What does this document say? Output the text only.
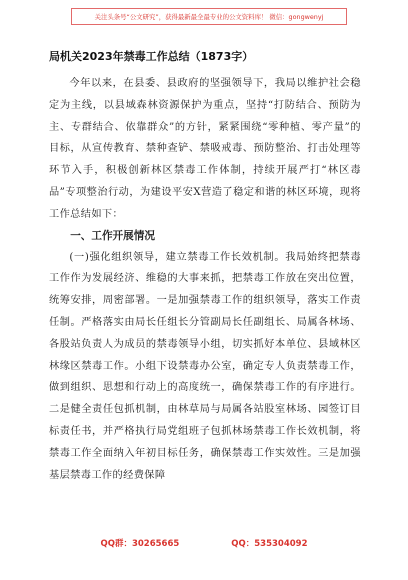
关注头条号“公文研究”，获得最新最全最专业的公文资料库！ 微信：gongwenyj

局机关2023年禁毒工作总结（1873字）

今年以来，在县委、县政府的坚强领导下，我局以维护社会稳定为主线，以县域森林资源保护为重点，坚持“打防结合、预防为主、专群结合、依靠群众”的方针，紧紧围绕“零种植、零产量”的目标，从宣传教育、禁种查铲、禁吸戒毒、预防整治、打击处理等环节入手，积极创新林区禁毒工作体制，持续开展严打“林区毒品”专项整治行动，为建设平安X营造了稳定和谐的林区环境，现将工作总结如下：

一、工作开展情况

(一)强化组织领导，建立禁毒工作长效机制。我局始终把禁毒工作作为发展经济、维稳的大事来抓，把禁毒工作放在突出位置，统筹安排，周密部署。一是加强禁毒工作的组织领导，落实工作责任制。严格落实由局长任组长分管副局长任副组长、局属各林场、各股站负责人为成员的禁毒领导小组，切实抓好本单位、县域林区林缘区禁毒工作。小组下设禁毒办公室，确定专人负责禁毒工作，做到组织、思想和行动上的高度统一，确保禁毒工作的有序进行。二是健全责任包抓机制，由林草局与局属各站股室林场、园签订目标责任书，并严格执行局党组班子包抓林场禁毒工作长效机制，将禁毒工作全面纳入年初目标任务，确保禁毒工作实效性。三是加强基层禁毒工作的经费保障

QQ群：30265665	QQ：535304092
